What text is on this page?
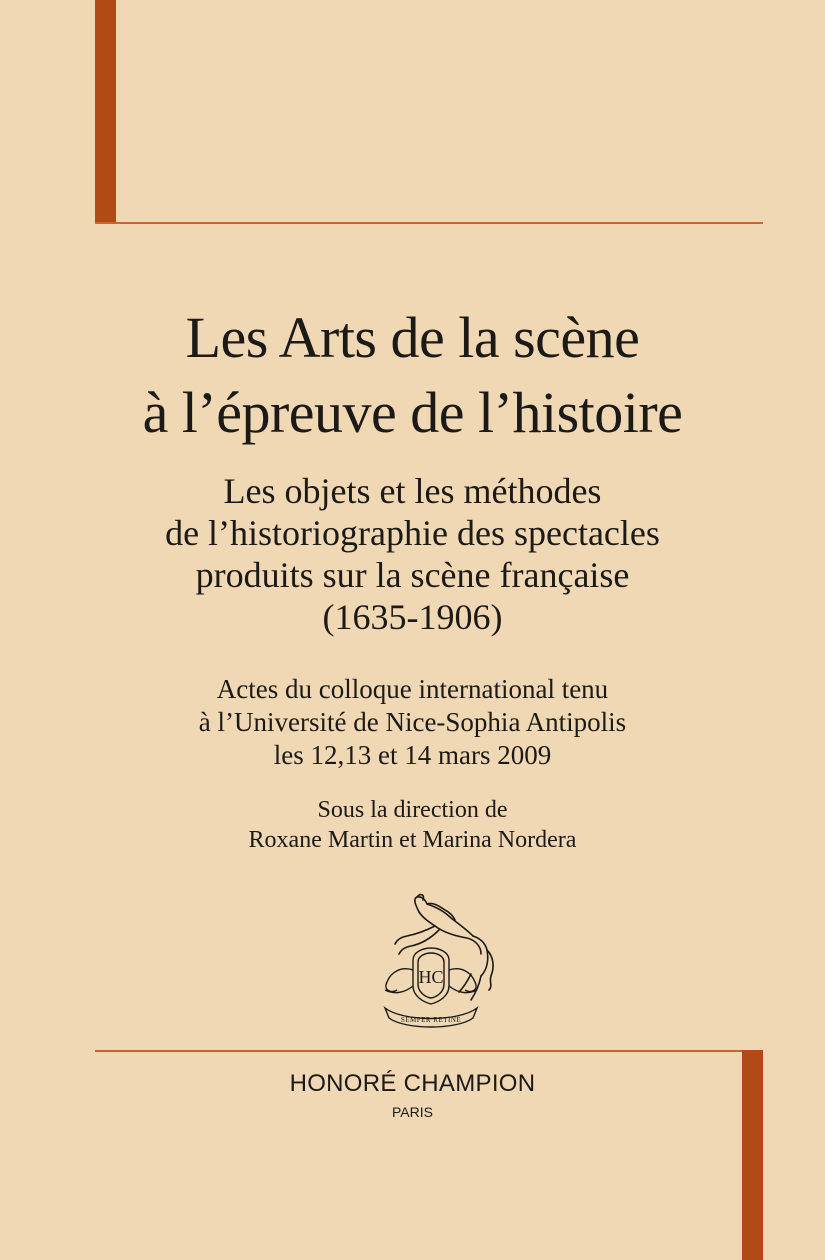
Les Arts de la scène
à l’épreuve de l’histoire
Les objets et les méthodes
de l’historiographie des spectacles
produits sur la scène française
(1635-1906)
Actes du colloque international tenu
à l’Université de Nice-Sophia Antipolis
les 12,13 et 14 mars 2009
Sous la direction de
Roxane Martin et Marina Nordera
HC
SEMPER RETINE
HONORÉ CHAMPION
PARIS
